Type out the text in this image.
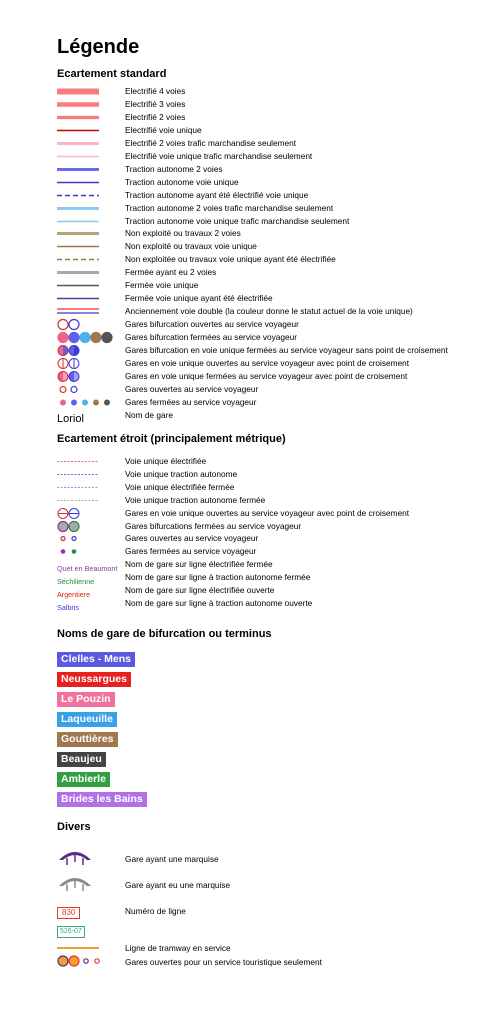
Légende
Ecartement standard
Electrifié 4 voies
Electrifié 3 voies
Electrifié 2 voies
Electrifié voie unique
Electrifié 2 voies trafic marchandise seulement
Electrifié voie unique trafic marchandise seulement
Traction autonome 2 voies
Traction autonome voie unique
Traction autonome ayant été électrifié voie unique
Traction autonome 2 voies trafic marchandise seulement
Traction autonome voie unique trafic marchandise seulement
Non exploité ou travaux 2 voies
Non exploité ou travaux voie unique
Non exploitée ou travaux voie unique ayant été électrifiée
Fermée ayant eu 2 voies
Fermée voie unique
Fermée voie unique ayant été électrifiée
Anciennement voie double (la couleur donne le statut actuel de la voie unique)
Gares bifurcation ouvertes au service voyageur
Gares bifurcation fermées au service voyageur
Gares bifurcation en voie unique fermées au service voyageur sans point de croisement
Gares en voie unique ouvertes au service voyageur avec point de croisement
Gares en voie unique fermées au service voyageur avec point de croisement
Gares ouvertes au service voyageur
Gares fermées au service voyageur
Loriol	Nom de gare
Ecartement étroit (principalement métrique)
Voie unique électrifiée
Voie unique traction autonome
Voie unique électrifiée fermée
Voie unique traction autonome fermée
Gares en voie unique ouvertes au service voyageur avec point de croisement
Gares bifurcations fermées au service voyageur
Gares ouvertes au service voyageur
Gares fermées au service voyageur
Quet en Beaumont Nom de gare sur ligne électrifiée fermée
Séchilienne	Nom de gare sur ligne à traction autonome fermée
Argentiere	Nom de gare sur ligne électrifiée ouverte
Salbris	Nom de gare sur ligne à traction autonome ouverte
Noms de gare de bifurcation ou terminus
Clelles - Mens
Neussargues
Le Pouzin
Laqueuille
Gouttières
Beaujeu
Ambierle
Brides les Bains
Divers
Gare ayant une marquise
Gare ayant eu une marquise
830
526-07
Numéro de ligne
Ligne de tramway en service
Gares ouvertes pour un service touristique seulement
